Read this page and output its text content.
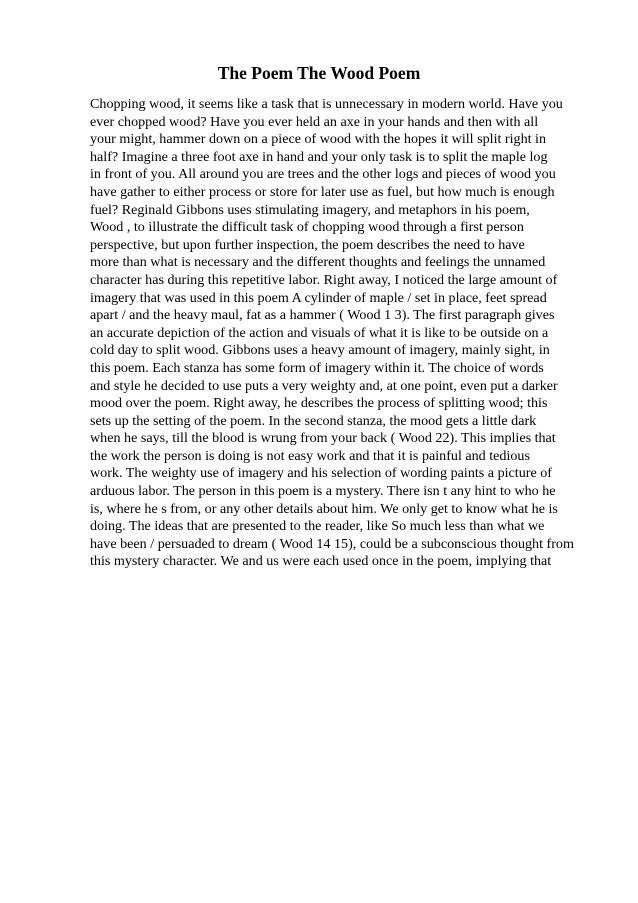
The Poem The Wood Poem
Chopping wood, it seems like a task that is unnecessary in modern world. Have you
ever chopped wood? Have you ever held an axe in your hands and then with all
your might, hammer down on a piece of wood with the hopes it will split right in
half? Imagine a three foot axe in hand and your only task is to split the maple log
in front of you. All around you are trees and the other logs and pieces of wood you
have gather to either process or store for later use as fuel, but how much is enough
fuel? Reginald Gibbons uses stimulating imagery, and metaphors in his poem,
Wood , to illustrate the difficult task of chopping wood through a first person
perspective, but upon further inspection, the poem describes the need to have
more than what is necessary and the different thoughts and feelings the unnamed
character has during this repetitive labor. Right away, I noticed the large amount of
imagery that was used in this poem A cylinder of maple / set in place, feet spread
apart / and the heavy maul, fat as a hammer ( Wood 1 3). The first paragraph gives
an accurate depiction of the action and visuals of what it is like to be outside on a
cold day to split wood. Gibbons uses a heavy amount of imagery, mainly sight, in
this poem. Each stanza has some form of imagery within it. The choice of words
and style he decided to use puts a very weighty and, at one point, even put a darker
mood over the poem. Right away, he describes the process of splitting wood; this
sets up the setting of the poem. In the second stanza, the mood gets a little dark
when he says, till the blood is wrung from your back ( Wood 22). This implies that
the work the person is doing is not easy work and that it is painful and tedious
work. The weighty use of imagery and his selection of wording paints a picture of
arduous labor. The person in this poem is a mystery. There isn t any hint to who he
is, where he s from, or any other details about him. We only get to know what he is
doing. The ideas that are presented to the reader, like So much less than what we
have been / persuaded to dream ( Wood 14 15), could be a subconscious thought from
this mystery character. We and us were each used once in the poem, implying that
